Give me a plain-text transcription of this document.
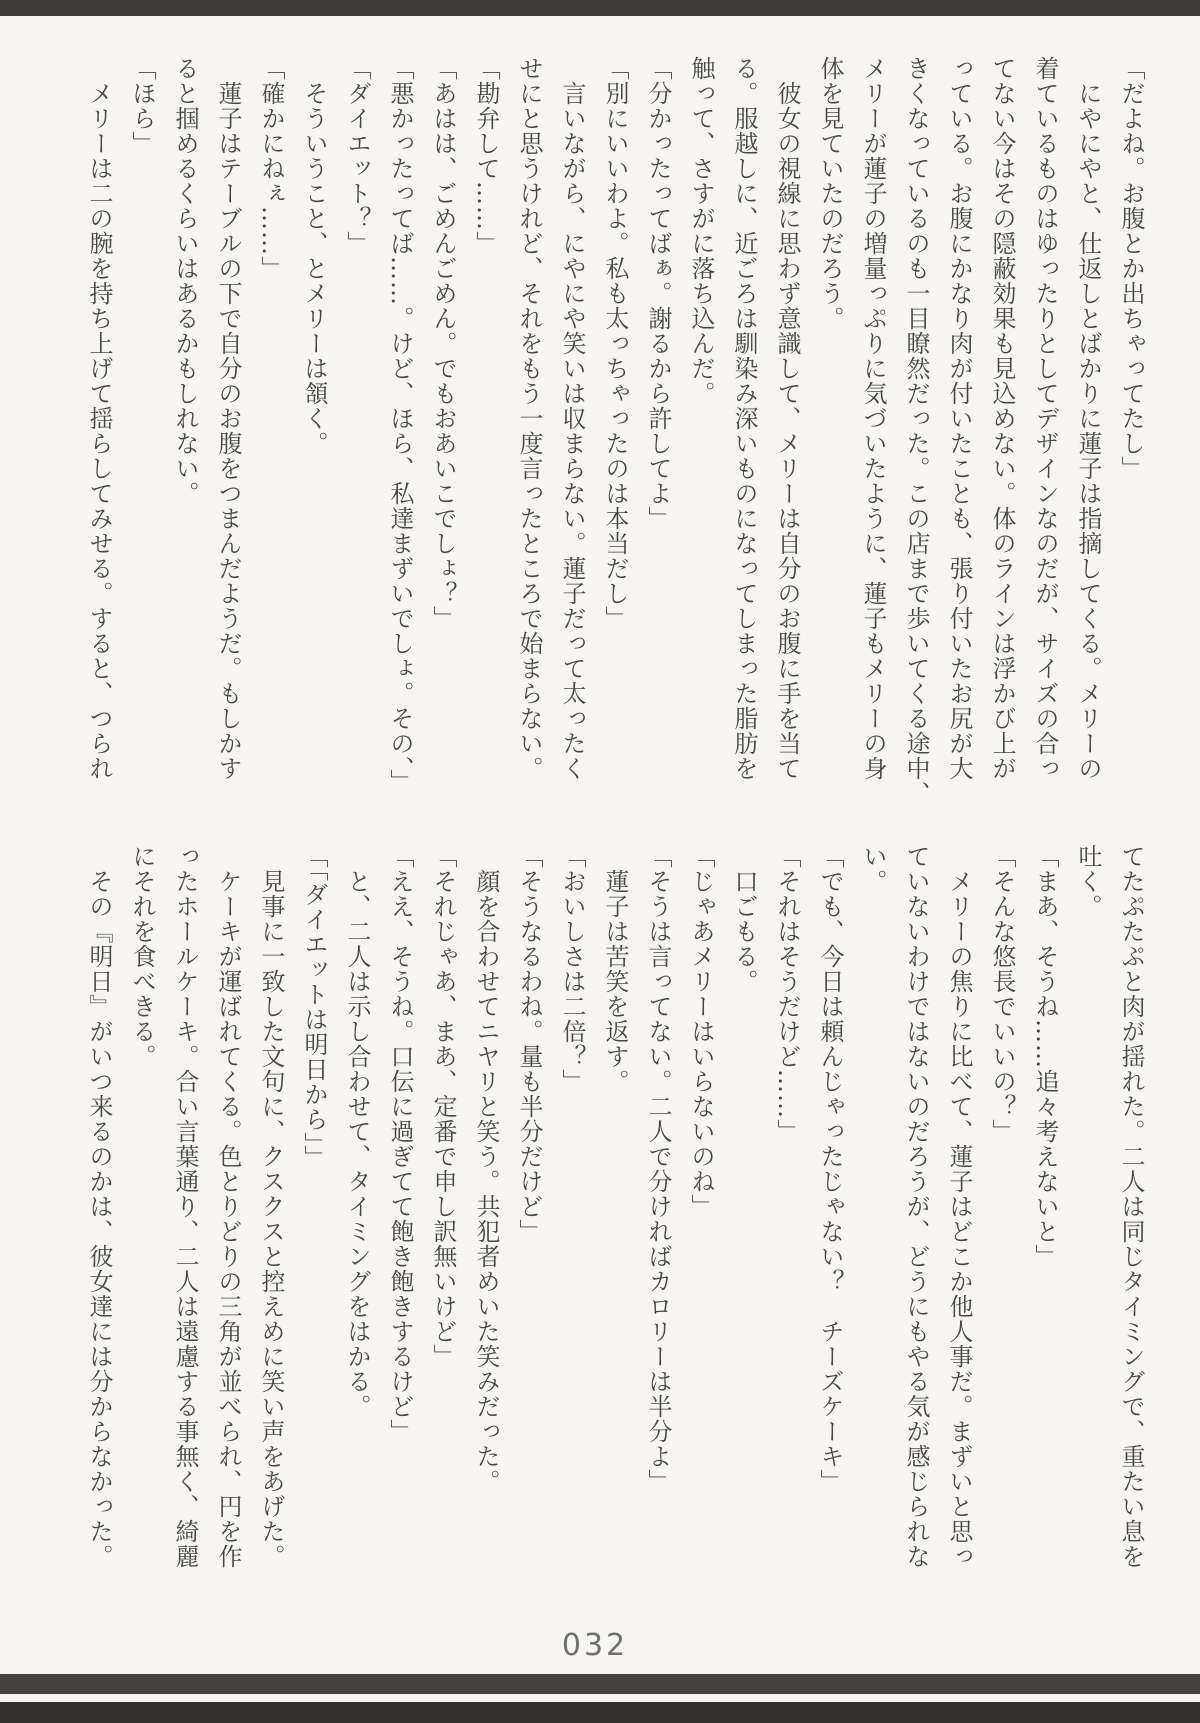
「だよね。お腹とか出ちゃってたし」
　にやにやと、仕返しとばかりに蓮子は指摘してくる。メリーの
着ているものはゆったりとしてデザインなのだが、サイズの合っ
てない今はその隠蔽効果も見込めない。体のラインは浮かび上が
っている。お腹にかなり肉が付いたことも、張り付いたお尻が大
きくなっているのも一目瞭然だった。この店まで歩いてくる途中、
メリーが蓮子の増量っぷりに気づいたように、蓮子もメリーの身
体を見ていたのだろう。
　彼女の視線に思わず意識して、メリーは自分のお腹に手を当て
る。服越しに、近ごろは馴染み深いものになってしまった脂肪を
触って、さすがに落ち込んだ。
「分かったってばぁ。謝るから許してよ」
「別にいいわよ。私も太っちゃったのは本当だし」
　言いながら、にやにや笑いは収まらない。蓮子だって太ったく
せにと思うけれど、それをもう一度言ったところで始まらない。
「勘弁して……」
「あはは、ごめんごめん。でもおあいこでしょ？」
「悪かったってば……。けど、ほら、私達まずいでしょ。その、」
「ダイエット？」
　そういうこと、とメリーは頷く。
「確かにねぇ……」
　蓮子はテーブルの下で自分のお腹をつまんだようだ。もしかす
ると掴めるくらいはあるかもしれない。
「ほら」
　メリーは二の腕を持ち上げて揺らしてみせる。すると、つられ
てたぷたぷと肉が揺れた。二人は同じタイミングで、重たい息を
吐く。
「まあ、そうね……追々考えないと」
「そんな悠長でいいの？」
　メリーの焦りに比べて、蓮子はどこか他人事だ。まずいと思っ
ていないわけではないのだろうが、どうにもやる気が感じられな
い。
「でも、今日は頼んじゃったじゃない？　チーズケーキ」
「それはそうだけど……」
　口ごもる。
「じゃあメリーはいらないのね」
「そうは言ってない。二人で分ければカロリーは半分よ」
　蓮子は苦笑を返す。
「おいしさは二倍？」
「そうなるわね。量も半分だけど」
　顔を合わせてニヤリと笑う。共犯者めいた笑みだった。
「それじゃあ、まあ、定番で申し訳無いけど」
「ええ、そうね。口伝に過ぎてて飽き飽きするけど」
　と、二人は示し合わせて、タイミングをはかる。
「「ダイエットは明日から」」
　見事に一致した文句に、クスクスと控えめに笑い声をあげた。
　ケーキが運ばれてくる。色とりどりの三角が並べられ、円を作
ったホールケーキ。合い言葉通り、二人は遠慮する事無く、綺麗
にそれを食べきる。
　その『明日』がいつ来るのかは、彼女達には分からなかった。
032
